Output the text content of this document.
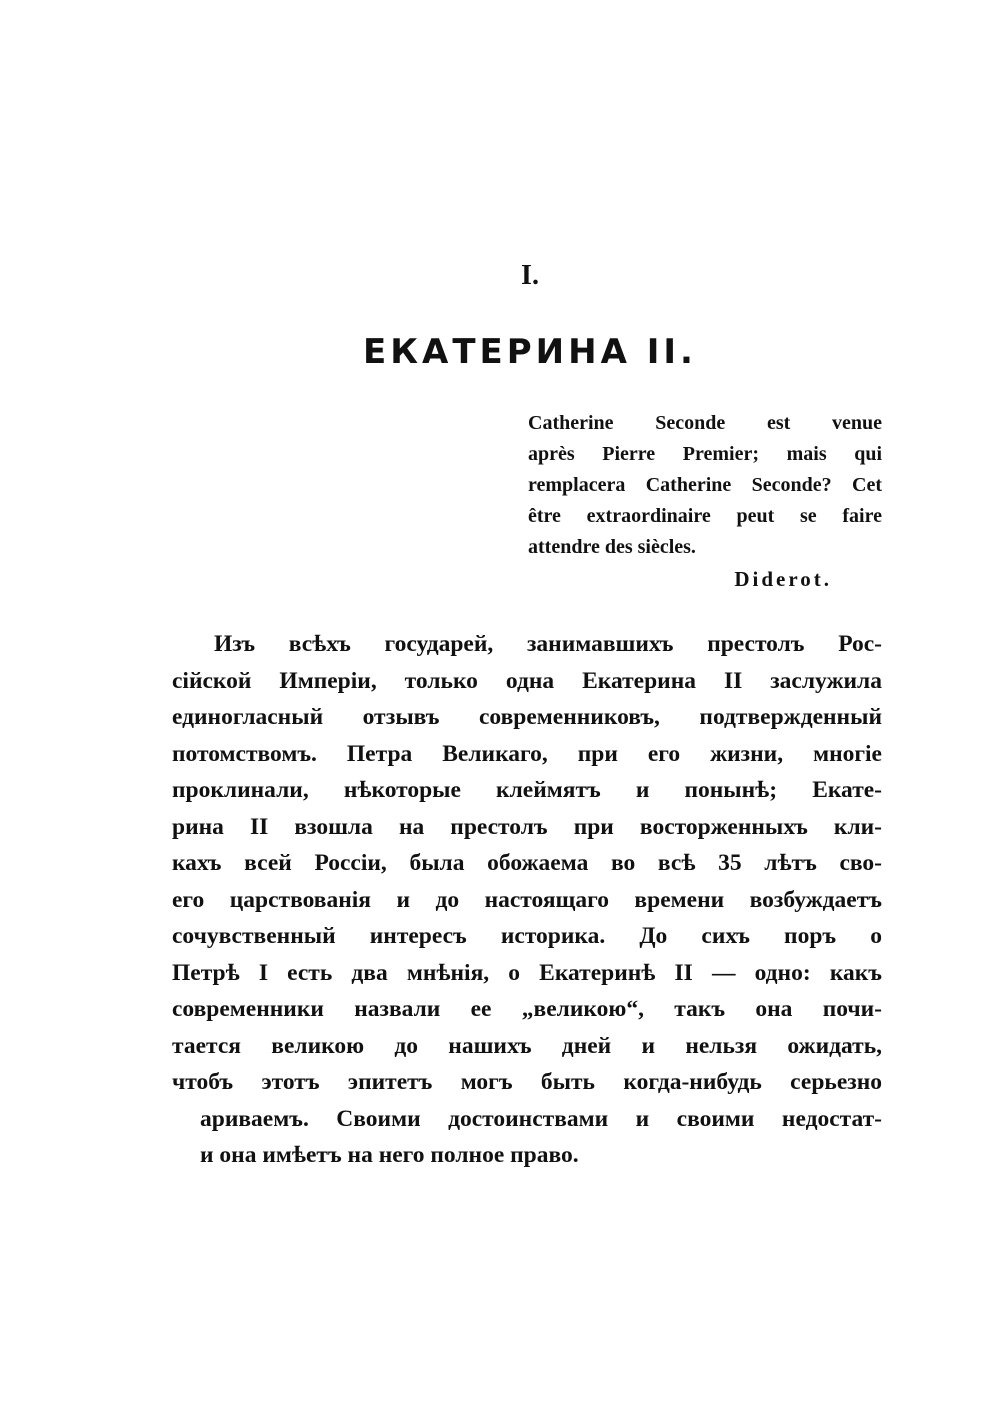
I.
ЕКАТЕРИНА II.
Catherine Seconde est venue
après Pierre Premier; mais qui
remplacera Catherine Seconde? Cet
être extraordinaire peut se faire
attendre des siècles.
Diderot.
Изъ всѣхъ государей, занимавшихъ престолъ Рос-
сійской Имперіи, только одна Екатерина II заслужила
единогласный отзывъ современниковъ, подтвержденный
потомствомъ. Петра Великаго, при его жизни, многіе
проклинали, нѣкоторые клеймятъ и понынѣ; Екате-
рина II взошла на престолъ при восторженныхъ кли-
кахъ всей Россіи, была обожаема во всѣ 35 лѣтъ сво-
его царствованія и до настоящаго времени возбуждаетъ
сочувственный интересъ историка. До сихъ поръ о
Петрѣ I есть два мнѣнія, о Екатеринѣ II — одно: какъ
современники назвали ее „великою“, такъ она почи-
тается великою до нашихъ дней и нельзя ожидать,
чтобъ этотъ эпитетъ могъ быть когда-нибудь серьезно
ариваемъ. Своими достоинствами и своими недостат-
и она имѣетъ на него полное право.
